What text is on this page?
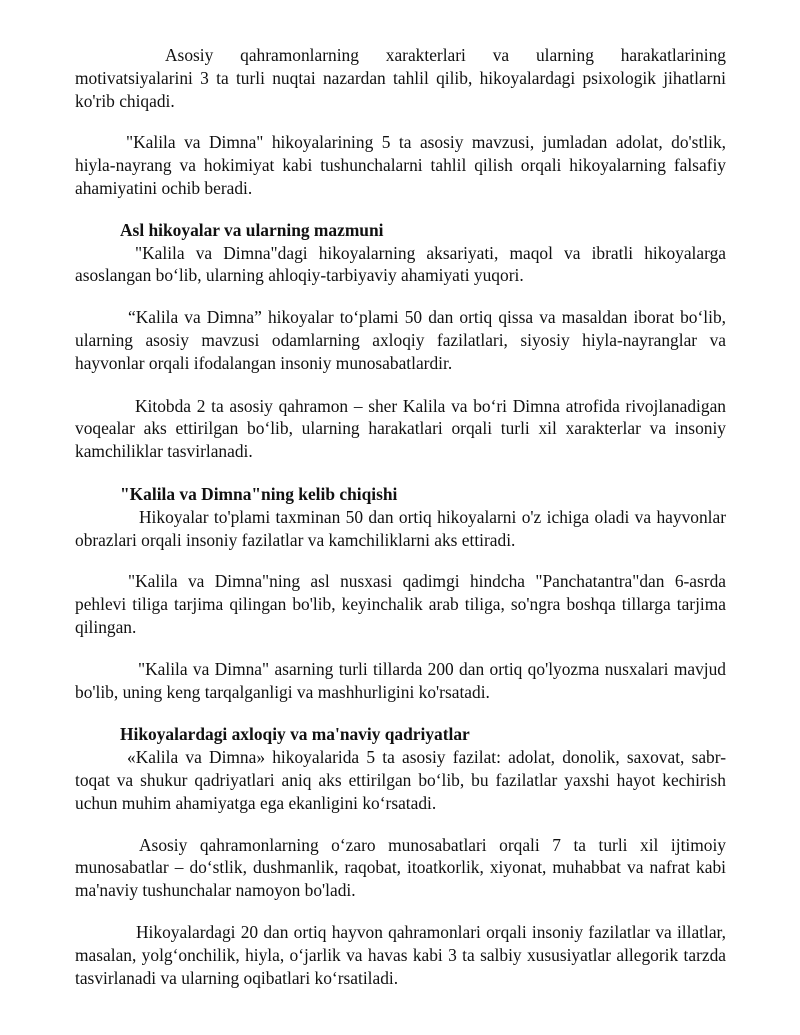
Asosiy qahramonlarning xarakterlari va ularning harakatlarining motivatsiyalarini 3 ta turli nuqtai nazardan tahlil qilib, hikoyalardagi psixologik jihatlarni ko'rib chiqadi.

"Kalila va Dimna" hikoyalarining 5 ta asosiy mavzusi, jumladan adolat, do'stlik, hiyla-nayrang va hokimiyat kabi tushunchalarni tahlil qilish orqali hikoyalarning falsafiy ahamiyatini ochib beradi.

Asl hikoyalar va ularning mazmuni

"Kalila va Dimna"dagi hikoyalarning aksariyati, maqol va ibratli hikoyalarga asoslangan bo‘lib, ularning ahloqiy-tarbiyaviy ahamiyati yuqori.

“Kalila va Dimna” hikoyalar to‘plami 50 dan ortiq qissa va masaldan iborat bo‘lib, ularning asosiy mavzusi odamlarning axloqiy fazilatlari, siyosiy hiyla-nayranglar va hayvonlar orqali ifodalangan insoniy munosabatlardir.

Kitobda 2 ta asosiy qahramon – sher Kalila va bo‘ri Dimna atrofida rivojlanadigan voqealar aks ettirilgan bo‘lib, ularning harakatlari orqali turli xil xarakterlar va insoniy kamchiliklar tasvirlanadi.

"Kalila va Dimna"ning kelib chiqishi

Hikoyalar to'plami taxminan 50 dan ortiq hikoyalarni o'z ichiga oladi va hayvonlar obrazlari orqali insoniy fazilatlar va kamchiliklarni aks ettiradi.

"Kalila va Dimna"ning asl nusxasi qadimgi hindcha "Panchatantra"dan 6-asrda pehlevi tiliga tarjima qilingan bo'lib, keyinchalik arab tiliga, so'ngra boshqa tillarga tarjima qilingan.

"Kalila va Dimna" asarning turli tillarda 200 dan ortiq qo'lyozma nusxalari mavjud bo'lib, uning keng tarqalganligi va mashhurligini ko'rsatadi.

Hikoyalardagi axloqiy va ma'naviy qadriyatlar

«Kalila va Dimna» hikoyalarida 5 ta asosiy fazilat: adolat, donolik, saxovat, sabr-toqat va shukur qadriyatlari aniq aks ettirilgan bo‘lib, bu fazilatlar yaxshi hayot kechirish uchun muhim ahamiyatga ega ekanligini ko‘rsatadi.

Asosiy qahramonlarning o‘zaro munosabatlari orqali 7 ta turli xil ijtimoiy munosabatlar – do‘stlik, dushmanlik, raqobat, itoatkorlik, xiyonat, muhabbat va nafrat kabi ma'naviy tushunchalar namoyon bo'ladi.

Hikoyalardagi 20 dan ortiq hayvon qahramonlari orqali insoniy fazilatlar va illatlar, masalan, yolg‘onchilik, hiyla, o‘jarlik va havas kabi 3 ta salbiy xususiyatlar allegorik tarzda tasvirlanadi va ularning oqibatlari ko‘rsatiladi.
